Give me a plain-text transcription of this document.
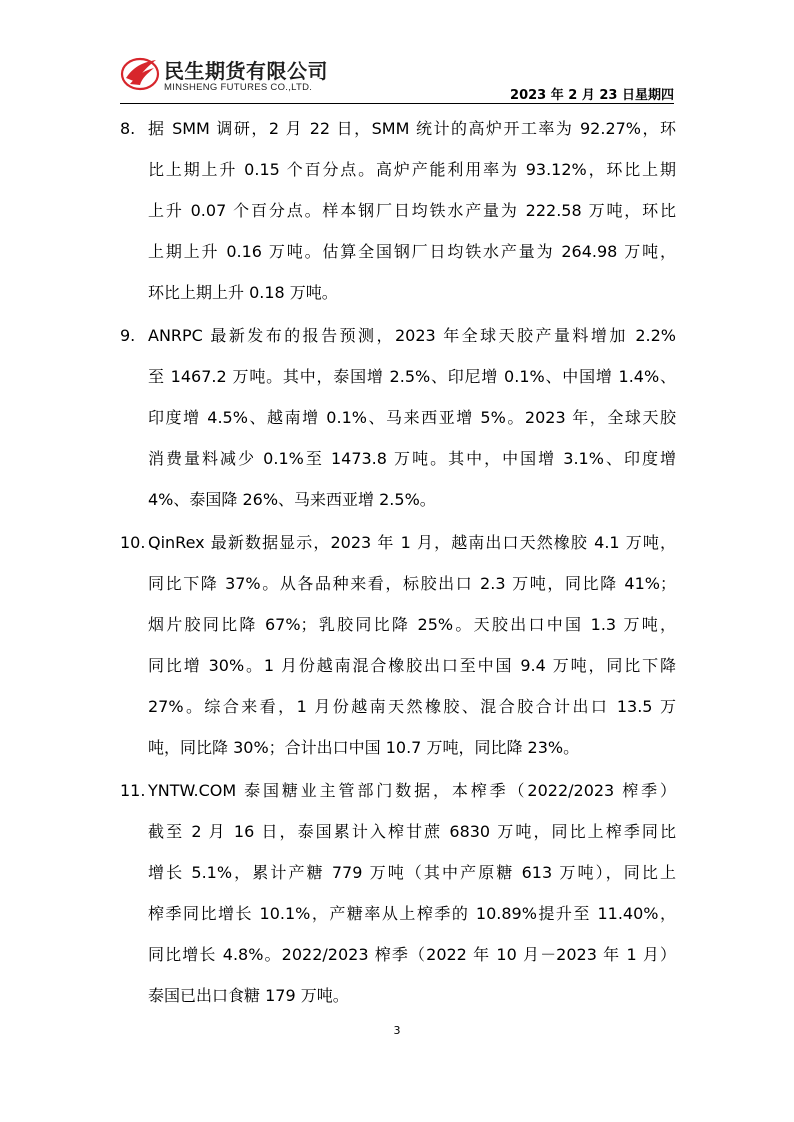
民生期货有限公司
MINSHENG FUTURES CO.,LTD.
2023 年 2 月 23 日星期四
8. 据 SMM 调研，2 月 22 日，SMM 统计的高炉开工率为 92.27%，环
比上期上升 0.15 个百分点。高炉产能利用率为 93.12%，环比上期
上升 0.07 个百分点。样本钢厂日均铁水产量为 222.58 万吨，环比
上期上升 0.16 万吨。估算全国钢厂日均铁水产量为 264.98 万吨，
环比上期上升 0.18 万吨。
9. ANRPC 最新发布的报告预测，2023 年全球天胶产量料增加 2.2%
至 1467.2 万吨。其中，泰国增 2.5%、印尼增 0.1%、中国增 1.4%、
印度增 4.5%、越南增 0.1%、马来西亚增 5%。2023 年，全球天胶
消费量料减少 0.1%至 1473.8 万吨。其中，中国增 3.1%、印度增
4%、泰国降 26%、马来西亚增 2.5%。
10. QinRex 最新数据显示，2023 年 1 月，越南出口天然橡胶 4.1 万吨，
同比下降 37%。从各品种来看，标胶出口 2.3 万吨，同比降 41%；
烟片胶同比降 67%；乳胶同比降 25%。天胶出口中国 1.3 万吨，
同比增 30%。1 月份越南混合橡胶出口至中国 9.4 万吨，同比下降
27%。综合来看，1 月份越南天然橡胶、混合胶合计出口 13.5 万
吨，同比降 30%；合计出口中国 10.7 万吨，同比降 23%。
11. YNTW.COM 泰国糖业主管部门数据，本榨季（2022/2023 榨季）
截至 2 月 16 日，泰国累计入榨甘蔗 6830 万吨，同比上榨季同比
增长 5.1%，累计产糖 779 万吨（其中产原糖 613 万吨），同比上
榨季同比增长 10.1%，产糖率从上榨季的 10.89%提升至 11.40%，
同比增长 4.8%。2022/2023 榨季（2022 年 10 月－2023 年 1 月）
泰国已出口食糖 179 万吨。
3
